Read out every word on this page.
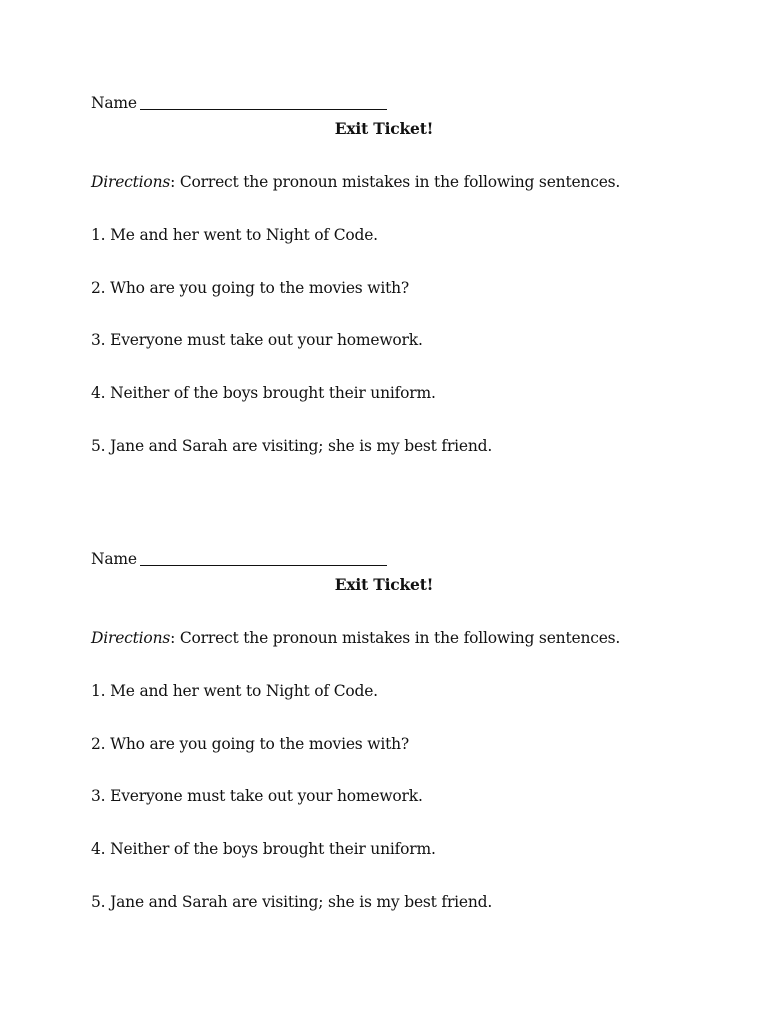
Name
Exit Ticket!
Directions: Correct the pronoun mistakes in the following sentences.
1. Me and her went to Night of Code.
2. Who are you going to the movies with?
3. Everyone must take out your homework.
4. Neither of the boys brought their uniform.
5. Jane and Sarah are visiting; she is my best friend.
Name
Exit Ticket!
Directions: Correct the pronoun mistakes in the following sentences.
1. Me and her went to Night of Code.
2. Who are you going to the movies with?
3. Everyone must take out your homework.
4. Neither of the boys brought their uniform.
5. Jane and Sarah are visiting; she is my best friend.
